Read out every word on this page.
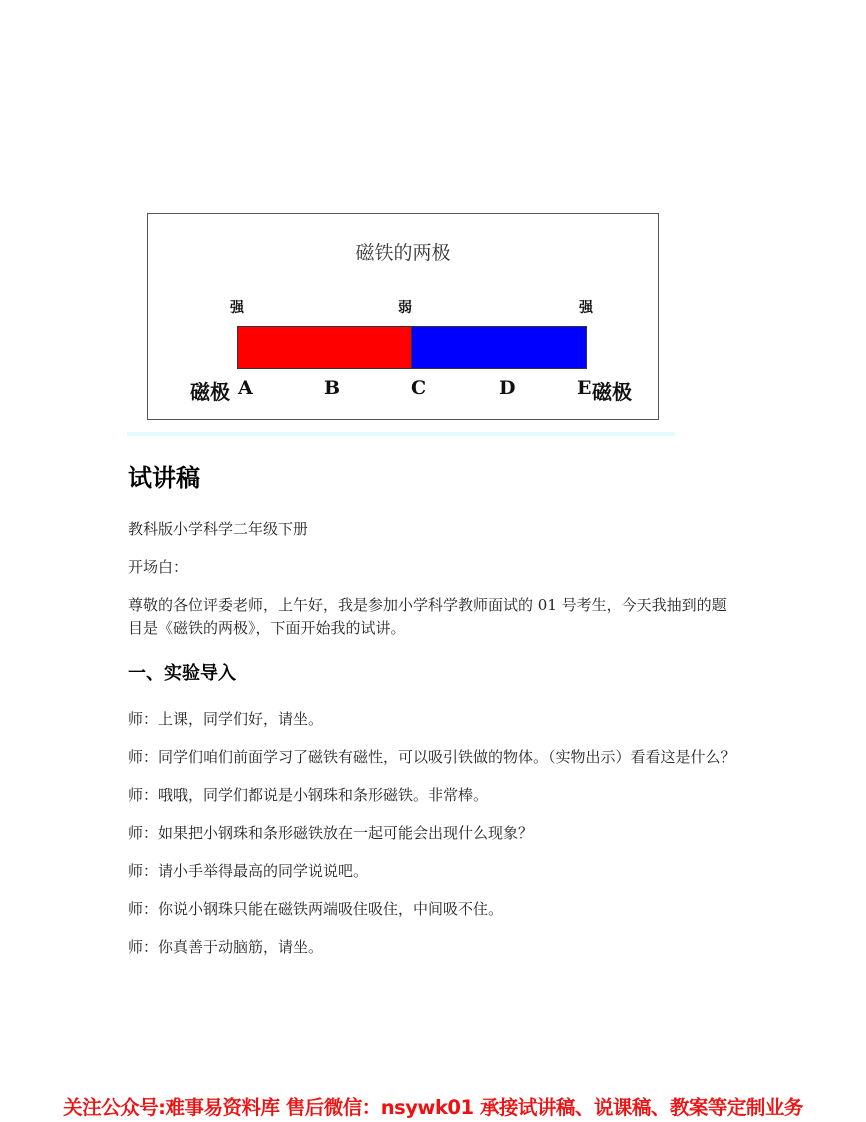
磁铁的两极
强	弱	强
磁极 A	B	C	D	E 磁极
试讲稿

教科版小学科学二年级下册

开场白：

尊敬的各位评委老师，上午好，我是参加小学科学教师面试的 01 号考生，今天我抽到的题目是《磁铁的两极》，下面开始我的试讲。

一、实验导入

师：上课，同学们好，请坐。

师：同学们咱们前面学习了磁铁有磁性，可以吸引铁做的物体。（实物出示）看看这是什么？

师：哦哦，同学们都说是小钢珠和条形磁铁。非常棒。

师：如果把小钢珠和条形磁铁放在一起可能会出现什么现象？

师：请小手举得最高的同学说说吧。

师：你说小钢珠只能在磁铁两端吸住吸住，中间吸不住。

师：你真善于动脑筋，请坐。

关注公众号:难事易资料库 售后微信：nsywk01 承接试讲稿、说课稿、教案等定制业务
